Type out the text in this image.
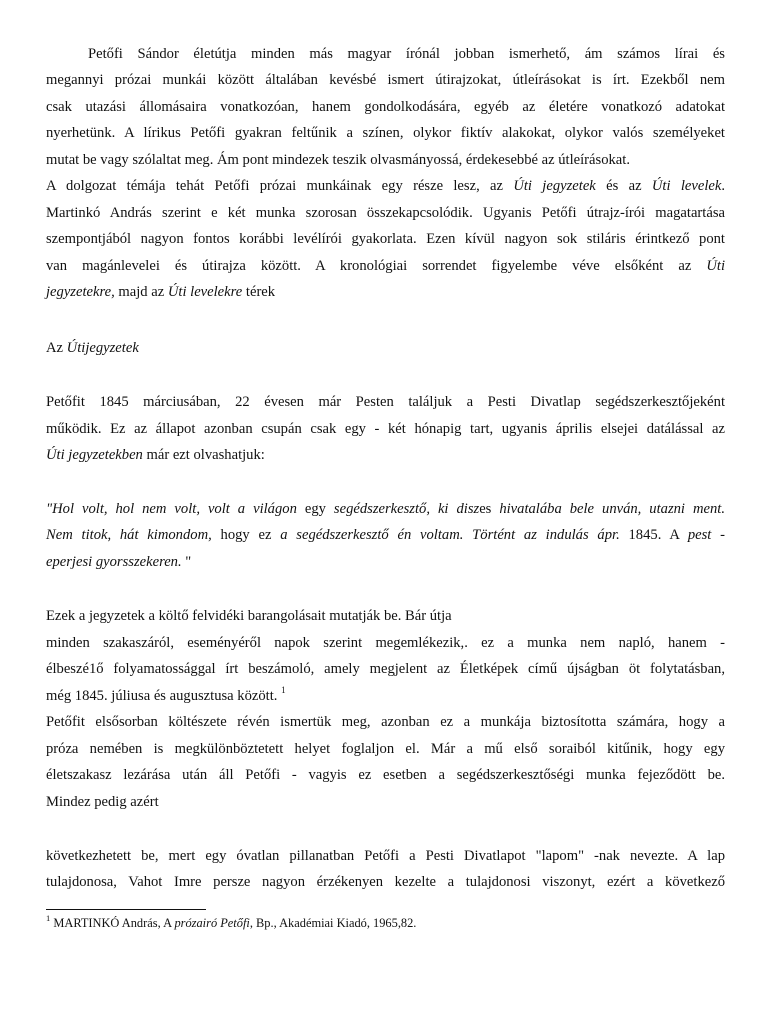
Petőfi Sándor életútja minden más magyar írónál jobban ismerhető, ám számos lírai és
megannyi prózai munkái között általában kevésbé ismert útirajzokat, útleírásokat is írt. Ezekből nem
csak utazási állomásaira vonatkozóan, hanem gondolkodására, egyéb az életére vonatkozó adatokat
nyerhetünk. A lírikus Petőfi gyakran feltűnik a színen, olykor fiktív alakokat, olykor valós személyeket
mutat be vagy szólaltat meg. Ám pont mindezek teszik olvasmányossá, érdekesebbé az útleírásokat.
A dolgozat témája tehát Petőfi prózai munkáinak egy része lesz, az Úti jegyzetek és az Úti levelek.
Martinkó András szerint e két munka szorosan összekapcsolódik. Ugyanis Petőfi útrajz-írói magatartása
szempontjából nagyon fontos korábbi levélírói gyakorlata. Ezen kívül nagyon sok stiláris érintkező pont
van magánlevelei és útirajza között. A kronológiai sorrendet figyelembe véve elsőként az Úti
jegyzetekre, majd az Úti levelekre térek
Az Útijegyzetek
Petőfit 1845 márciusában, 22 évesen már Pesten találjuk a Pesti Divatlap segédszerkesztőjeként
működik. Ez az állapot azonban csupán csak egy - két hónapig tart, ugyanis április elsejei datálással az
Úti jegyzetekben már ezt olvashatjuk:
"Hol volt, hol nem volt, volt a világon egy segédszerkesztő, ki diszes hivatalába bele unván, utazni ment.
Nem titok, hát kimondom, hogy ez a segédszerkesztő én voltam. Történt az indulás ápr. 1845. A pest -
eperjesi gyorsszekeren. "
Ezek a jegyzetek a költő felvidéki barangolásait mutatják be. Bár útja
minden szakaszáról, eseményéről napok szerint megemlékezik,. ez a munka nem napló, hanem -
élbeszé1ő folyamatossággal írt beszámoló, amely megjelent az Életképek című újságban öt folytatásban,
még 1845. júliusa és augusztusa között. $^1$
Petőfit elsősorban költészete révén ismertük meg, azonban ez a munkája biztosította számára, hogy a
próza nemében is megkülönböztetett helyet foglaljon el. Már a mű első soraiból kitűnik, hogy egy
életszakasz lezárása után áll Petőfi - vagyis ez esetben a segédszerkesztőségi munka fejeződött be.
Mindez pedig azért
következhetett be, mert egy óvatlan pillanatban Petőfi a Pesti Divatlapot "lapom" -nak nevezte. A lap
tulajdonosa, Vahot Imre persze nagyon érzékenyen kezelte a tulajdonosi viszonyt, ezért a következő
$^1$ MARTINKÓ András, A prózairó Petőfi, Bp., Akadémiai Kiadó, 1965,82.
